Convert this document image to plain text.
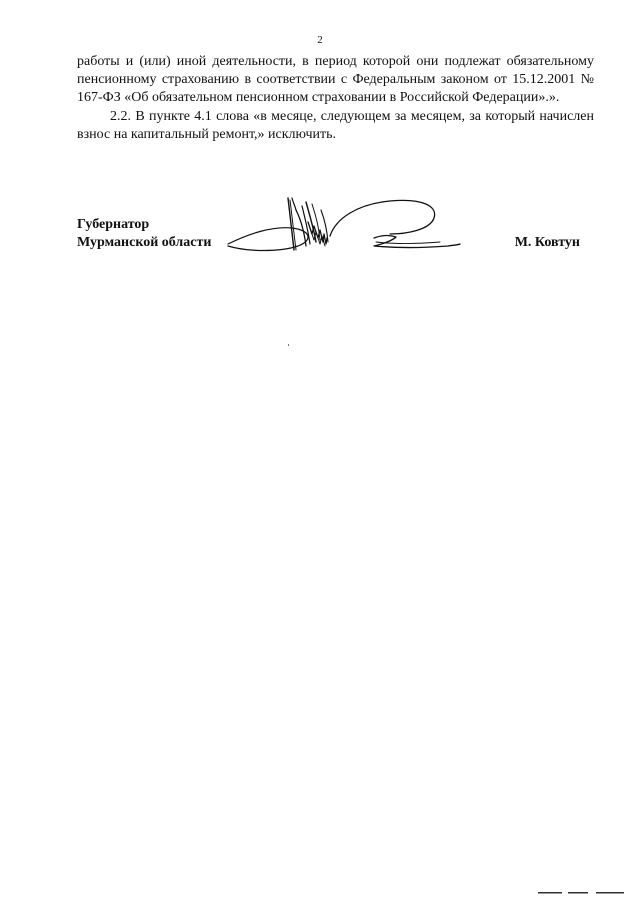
2

работы и (или) иной деятельности, в период которой они подлежат обязательному пенсионному страхованию в соответствии с Федеральным законом от 15.12.2001 № 167-ФЗ «Об обязательном пенсионном страховании в Российской Федерации».».

2.2. В пункте 4.1 слова «в месяце, следующем за месяцем, за который начислен взнос на капитальный ремонт,» исключить.

Губернатор
Мурманской области	М. Ковтун
